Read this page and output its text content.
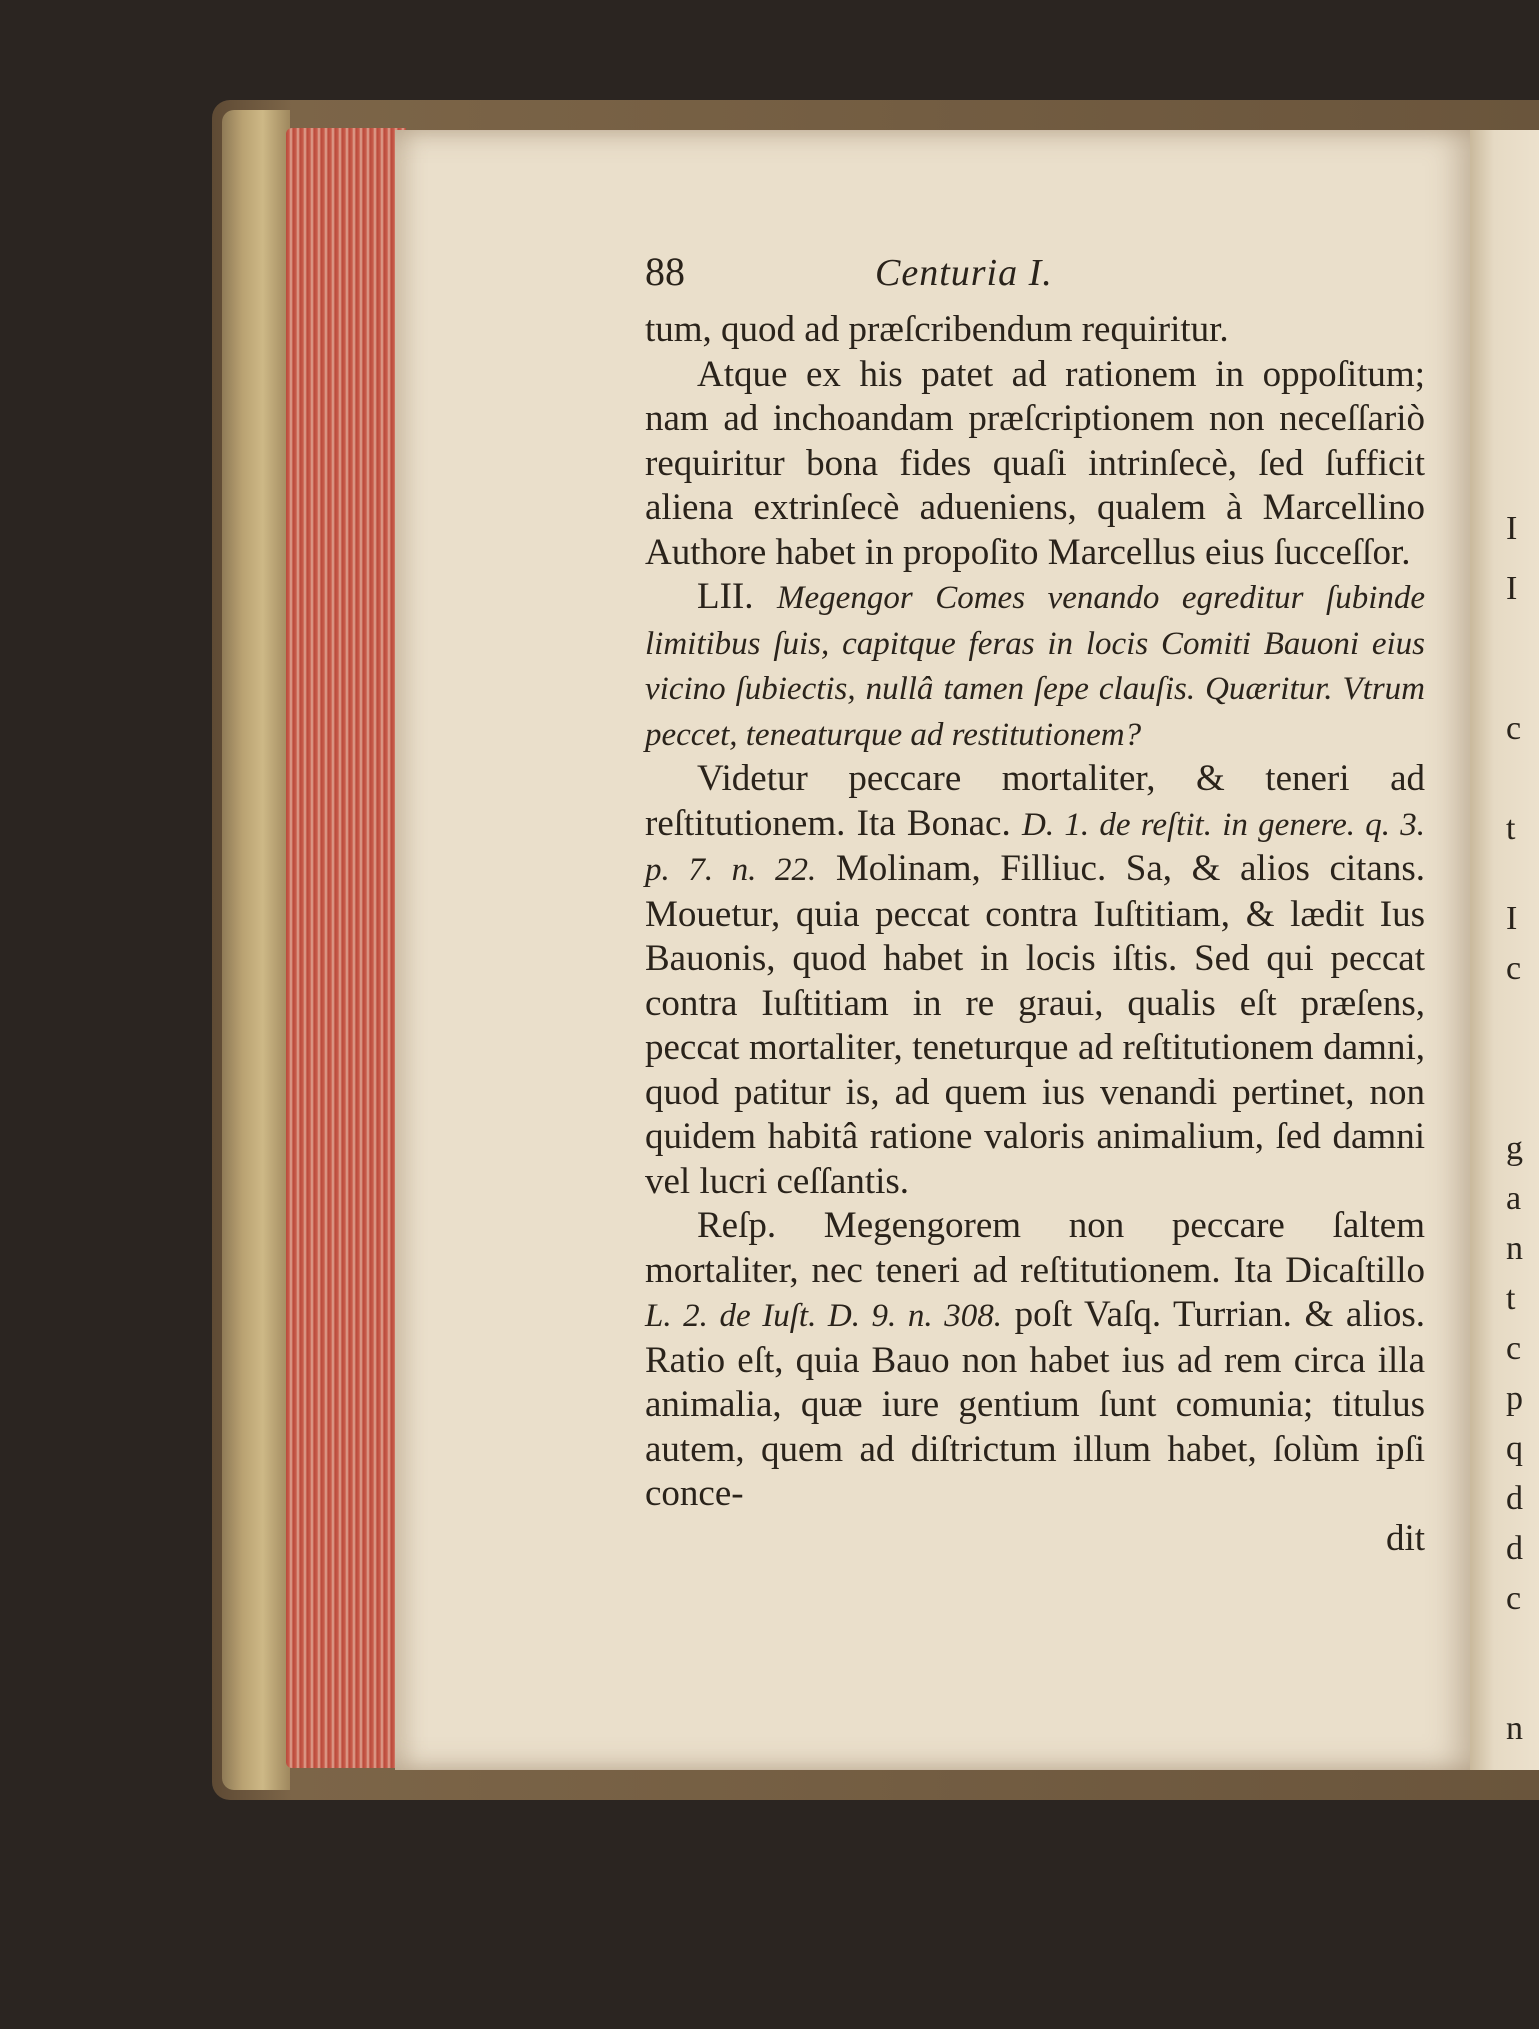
I
I
c
t
I
c
g
a
n
t
c
p
q
d
d
c
n
88	Centuria I.

tum, quod ad præſcribendum requiritur.

Atque ex his patet ad rationem in oppoſitum; nam ad inchoandam præſcriptionem non neceſſariò requiritur bona fides quaſi intrinſecè, ſed ſufficit aliena extrinſecè adueniens, qualem à Marcellino Authore habet in propoſito Marcellus eius ſucceſſor.

LII. Megengor Comes venando egreditur ſubinde limitibus ſuis, capitque feras in locis Comiti Bauoni eius vicino ſubiectis, nullâ tamen ſepe clauſis. Quæritur. Vtrum peccet, teneaturque ad restitutionem?

Videtur peccare mortaliter, & teneri ad reſtitutionem. Ita Bonac. D. 1. de reſtit. in genere. q. 3. p. 7. n. 22. Molinam, Filliuc. Sa, & alios citans. Mouetur, quia peccat contra Iuſtitiam, & lædit Ius Bauonis, quod habet in locis iſtis. Sed qui peccat contra Iuſtitiam in re graui, qualis eſt præſens, peccat mortaliter, teneturque ad reſtitutionem damni, quod patitur is, ad quem ius venandi pertinet, non quidem habitâ ratione valoris animalium, ſed damni vel lucri ceſſantis.

Reſp. Megengorem non peccare ſaltem mortaliter, nec teneri ad reſtitutionem. Ita Dicaſtillo L. 2. de Iuſt. D. 9. n. 308. poſt Vaſq. Turrian. & alios. Ratio eſt, quia Bauo non habet ius ad rem circa illa animalia, quæ iure gentium ſunt comunia; titulus autem, quem ad diſtrictum illum habet, ſolùm ipſi conce-

dit
